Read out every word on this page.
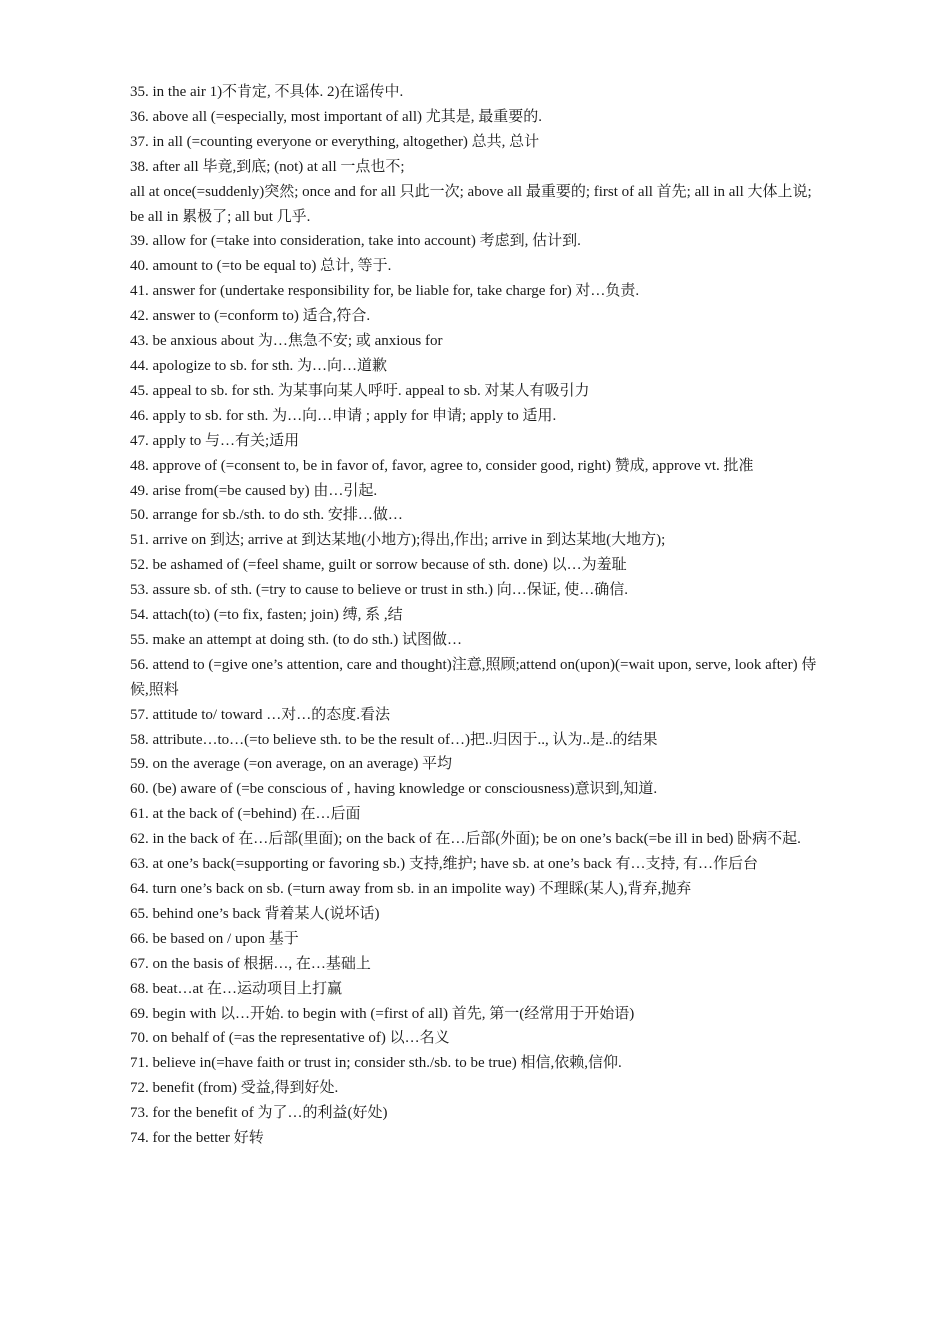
35. in the air 1)不肯定, 不具体. 2)在谣传中.

36. above all (=especially, most important of all) 尤其是, 最重要的.

37. in all (=counting everyone or everything, altogether) 总共, 总计

38. after all 毕竟,到底; (not) at all 一点也不;

all at once(=suddenly)突然; once and for all 只此一次; above all 最重要的; first of all 首先; all in all 大体上说; be all in 累极了; all but 几乎.

39. allow for (=take into consideration, take into account) 考虑到, 估计到.

40. amount to (=to be equal to) 总计, 等于.

41. answer for (undertake responsibility for, be liable for, take charge for) 对…负责.

42. answer to (=conform to) 适合,符合.

43. be anxious about 为…焦急不安; 或 anxious for

44. apologize to sb. for sth. 为…向…道歉

45. appeal to sb. for sth. 为某事向某人呼吁. appeal to sb. 对某人有吸引力

46. apply to sb. for sth. 为…向…申请 ; apply for 申请; apply to 适用.

47. apply to 与…有关;适用

48. approve of (=consent to, be in favor of, favor, agree to, consider good, right) 赞成, approve vt. 批准

49. arise from(=be caused by) 由…引起.

50. arrange for sb./sth. to do sth. 安排…做…

51. arrive on 到达; arrive at 到达某地(小地方);得出,作出; arrive in 到达某地(大地方);

52. be ashamed of (=feel shame, guilt or sorrow because of sth. done) 以…为羞耻

53. assure sb. of sth. (=try to cause to believe or trust in sth.) 向…保证, 使…确信.

54. attach(to) (=to fix, fasten; join) 缚, 系 ,结

55. make an attempt at doing sth. (to do sth.) 试图做…

56. attend to (=give one’s attention, care and thought)注意,照顾;attend on(upon)(=wait upon, serve, look after) 侍候,照料

57. attitude to/ toward …对…的态度.看法

58. attribute…to…(=to believe sth. to be the result of…)把..归因于.., 认为..是..的结果

59. on the average (=on average, on an average) 平均

60. (be) aware of (=be conscious of , having knowledge or consciousness)意识到,知道.

61. at the back of (=behind) 在…后面

62. in the back of 在…后部(里面); on the back of 在…后部(外面); be on one’s back(=be ill in bed) 卧病不起.

63. at one’s back(=supporting or favoring sb.) 支持,维护; have sb. at one’s back 有…支持, 有…作后台

64. turn one’s back on sb. (=turn away from sb. in an impolite way) 不理睬(某人),背弃,抛弃

65. behind one’s back 背着某人(说坏话)

66. be based on / upon 基于

67. on the basis of 根据…, 在…基础上

68. beat…at 在…运动项目上打赢

69. begin with 以…开始. to begin with (=first of all) 首先, 第一(经常用于开始语)

70. on behalf of (=as the representative of) 以…名义

71. believe in(=have faith or trust in; consider sth./sb. to be true) 相信,依赖,信仰.

72. benefit (from) 受益,得到好处.

73. for the benefit of 为了…的利益(好处)

74. for the better 好转
